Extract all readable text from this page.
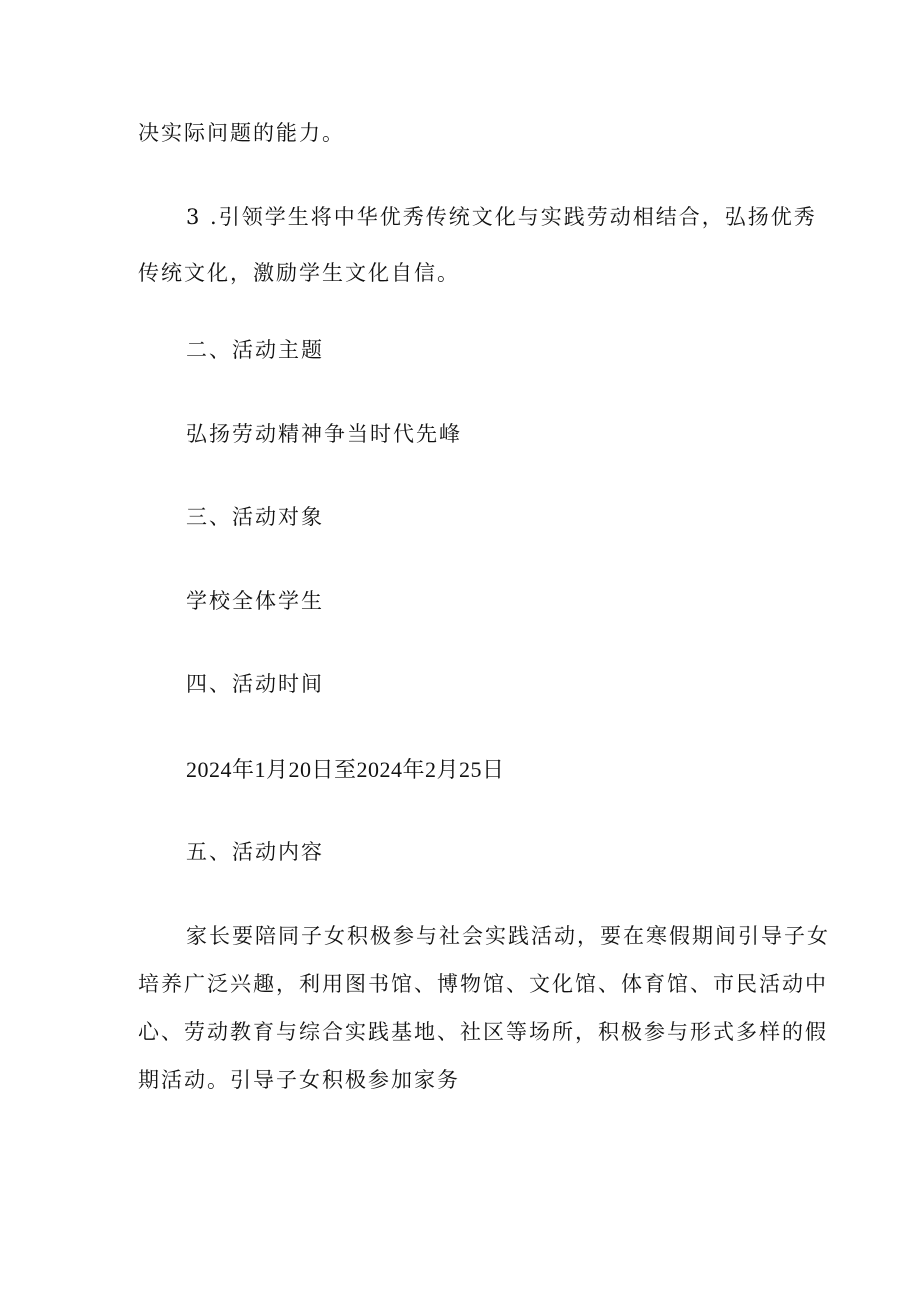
决实际问题的能力。

3 .引领学生将中华优秀传统文化与实践劳动相结合，弘扬优秀

传统文化，激励学生文化自信。

二、活动主题

弘扬劳动精神争当时代先峰

三、活动对象

学校全体学生

四、活动时间

2024年1月20日至2024年2月25日

五、活动内容

家长要陪同子女积极参与社会实践活动，要在寒假期间引导子女

培养广泛兴趣，利用图书馆、博物馆、文化馆、体育馆、市民活动中

心、劳动教育与综合实践基地、社区等场所，积极参与形式多样的假

期活动。引导子女积极参加家务
